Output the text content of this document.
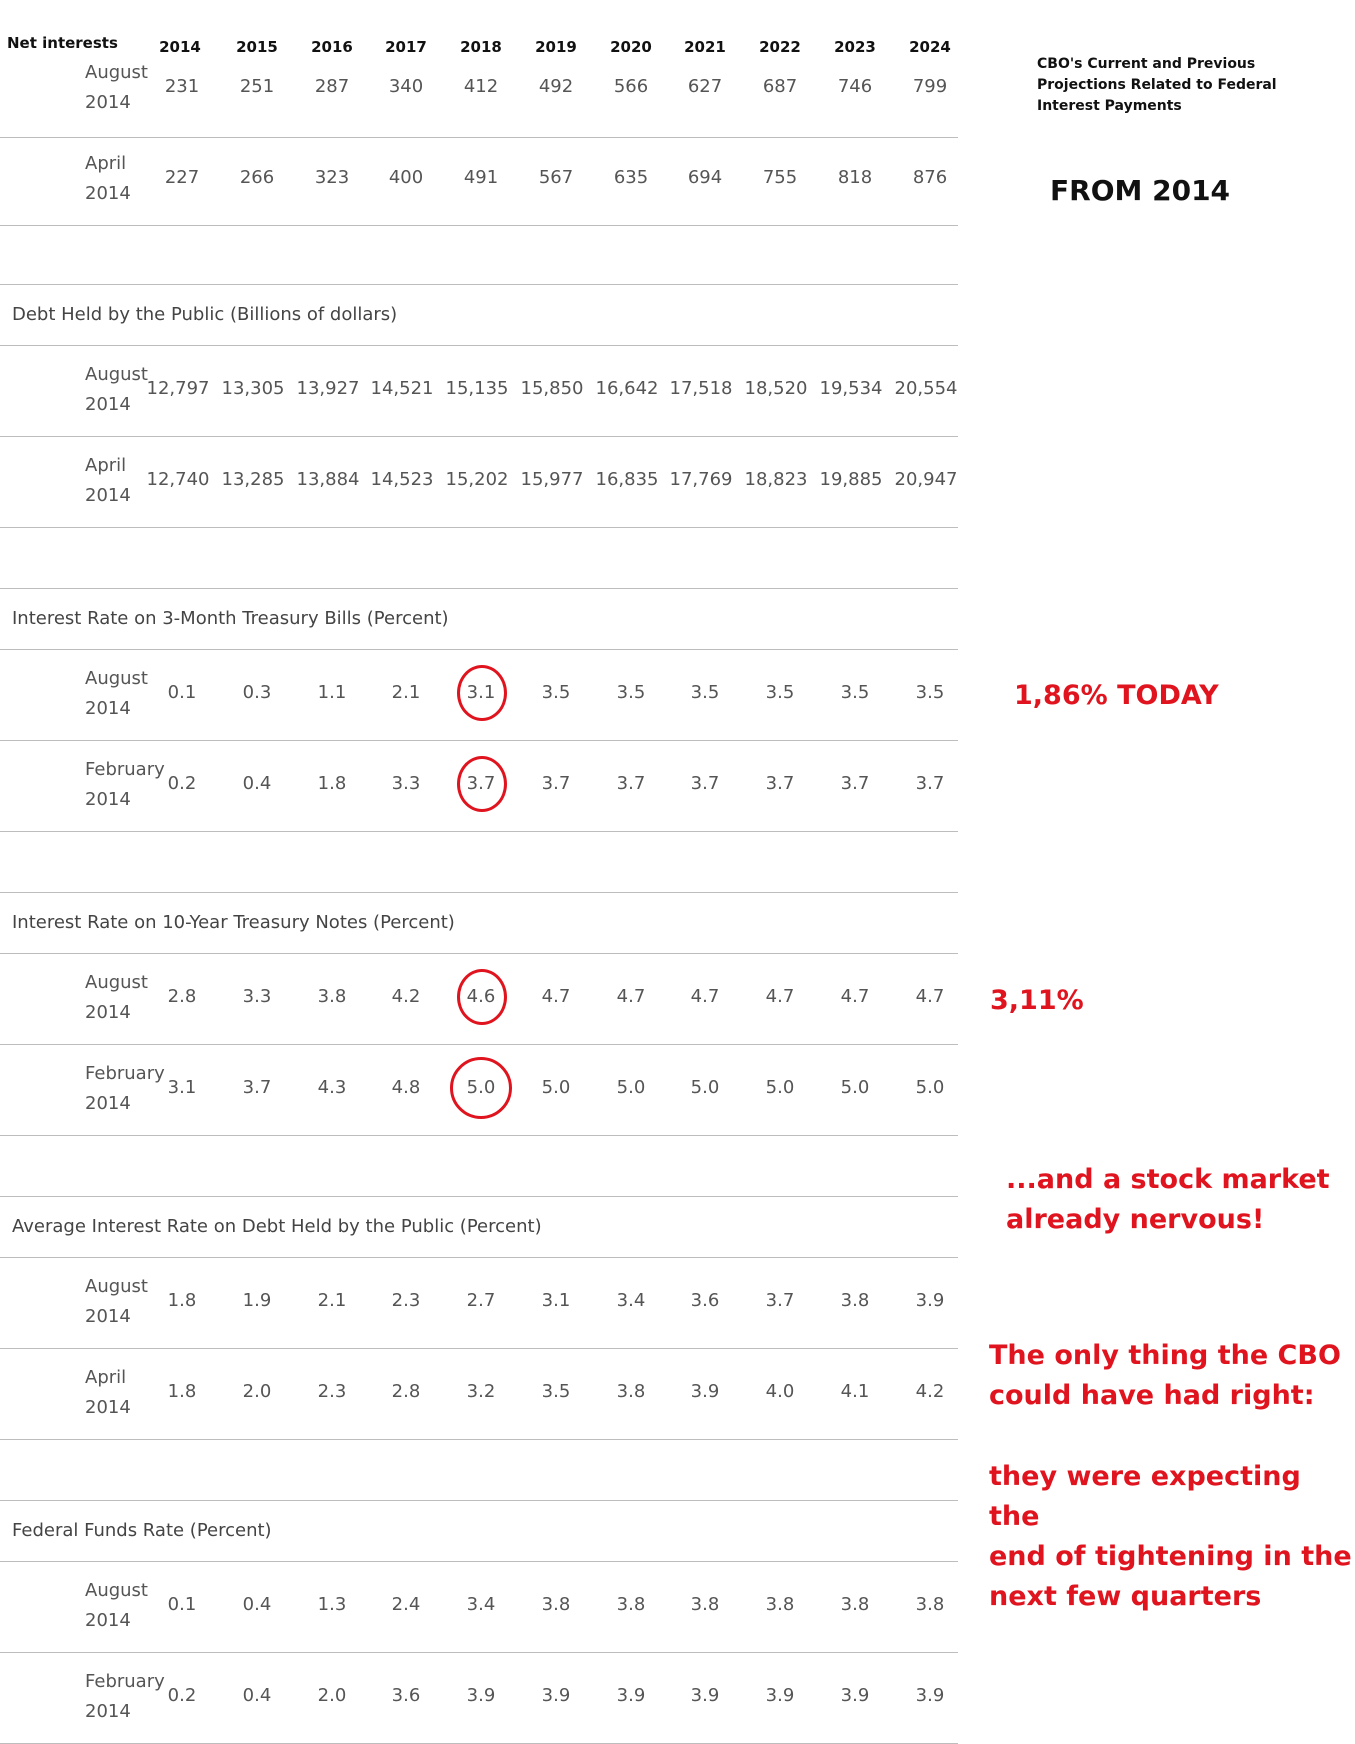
Net interests	2014	2015	2016	2017	2018	2019	2020	2021	2022	2023	2024
August
2014
231	251	287	340	412	492	566	627	687	746	799
April
2014
227	266	323	400	491	567	635	694	755	818	876
Debt Held by the Public (Billions of dollars)
August
2014
12,797 13,305 13,927 14,521 15,135 15,850 16,642 17,518 18,520 19,534 20,554
April
2014
12,740 13,285 13,884 14,523 15,202 15,977 16,835 17,769 18,823 19,885 20,947
Interest Rate on 3-Month Treasury Bills (Percent)
August
2014
0.1	0.3	1.1	2.1	3.1	3.5	3.5	3.5	3.5	3.5	3.5
February
2014
0.2	0.4	1.8	3.3	3.7	3.7	3.7	3.7	3.7	3.7	3.7
Interest Rate on 10-Year Treasury Notes (Percent)
August
2014
2.8	3.3	3.8	4.2	4.6	4.7	4.7	4.7	4.7	4.7	4.7
February
2014
3.1	3.7	4.3	4.8	5.0	5.0	5.0	5.0	5.0	5.0	5.0
Average Interest Rate on Debt Held by the Public (Percent)
August
2014
1.8	1.9	2.1	2.3	2.7	3.1	3.4	3.6	3.7	3.8	3.9
April
2014
1.8	2.0	2.3	2.8	3.2	3.5	3.8	3.9	4.0	4.1	4.2
Federal Funds Rate (Percent)
August
2014
0.1	0.4	1.3	2.4	3.4	3.8	3.8	3.8	3.8	3.8	3.8
February
2014
0.2	0.4	2.0	3.6	3.9	3.9	3.9	3.9	3.9	3.9	3.9
CBO's Current and Previous
Projections Related to Federal
Interest Payments
FROM 2014
1,86% TODAY
3,11%
...and a stock market
already nervous!
The only thing the CBO
could have had right:
they were expecting the
end of tightening in the
next few quarters
